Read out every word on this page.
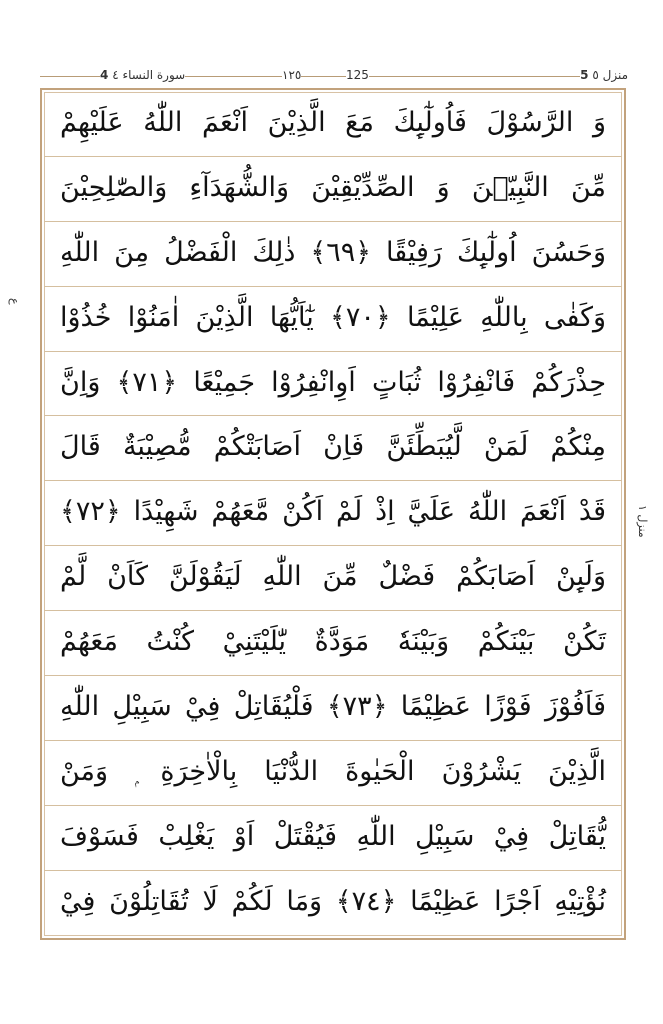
5 منزل ٥
سورة النساء ٤ 4	١٢٥	125
ع
منزل ١
وَ الرَّسُوْلَ فَاُولٰٓىِٕكَ مَعَ الَّذِيْنَ اَنْعَمَ اللّٰهُ عَلَيْهِمْ
مِّنَ النَّبِيّٖنَ وَ الصِّدِّيْقِيْنَ وَالشُّهَدَآءِ وَالصّٰلِحِيْنَ
وَحَسُنَ اُولٰٓىِٕكَ رَفِيْقًا ﴿٦٩﴾ ذٰلِكَ الْفَضْلُ مِنَ اللّٰهِ
وَكَفٰى بِاللّٰهِ عَلِيْمًا ﴿٧٠﴾ يٰٓاَيُّهَا الَّذِيْنَ اٰمَنُوْا خُذُوْا
حِذْرَكُمْ فَانْفِرُوْا ثُبَاتٍ اَوِانْفِرُوْا جَمِيْعًا ﴿٧١﴾ وَاِنَّ
مِنْكُمْ لَمَنْ لَّيُبَطِّئَنَّ فَاِنْ اَصَابَتْكُمْ مُّصِيْبَةٌ قَالَ
قَدْ اَنْعَمَ اللّٰهُ عَلَيَّ اِذْ لَمْ اَكُنْ مَّعَهُمْ شَهِيْدًا ﴿٧٢﴾
وَلَىِٕنْ اَصَابَكُمْ فَضْلٌ مِّنَ اللّٰهِ لَيَقُوْلَنَّ كَاَنْ لَّمْ
تَكُنْ بَيْنَكُمْ وَبَيْنَهٗ مَوَدَّةٌ يّٰلَيْتَنِيْ كُنْتُ مَعَهُمْ
فَاَفُوْزَ فَوْزًا عَظِيْمًا ﴿٧٣﴾ فَلْيُقَاتِلْ فِيْ سَبِيْلِ اللّٰهِ
الَّذِيْنَ يَشْرُوْنَ الْحَيٰوةَ الدُّنْيَا بِالْاٰخِرَةِ ۭ وَمَنْ
يُّقَاتِلْ فِيْ سَبِيْلِ اللّٰهِ فَيُقْتَلْ اَوْ يَغْلِبْ فَسَوْفَ
نُؤْتِيْهِ اَجْرًا عَظِيْمًا ﴿٧٤﴾ وَمَا لَكُمْ لَا تُقَاتِلُوْنَ فِيْ
